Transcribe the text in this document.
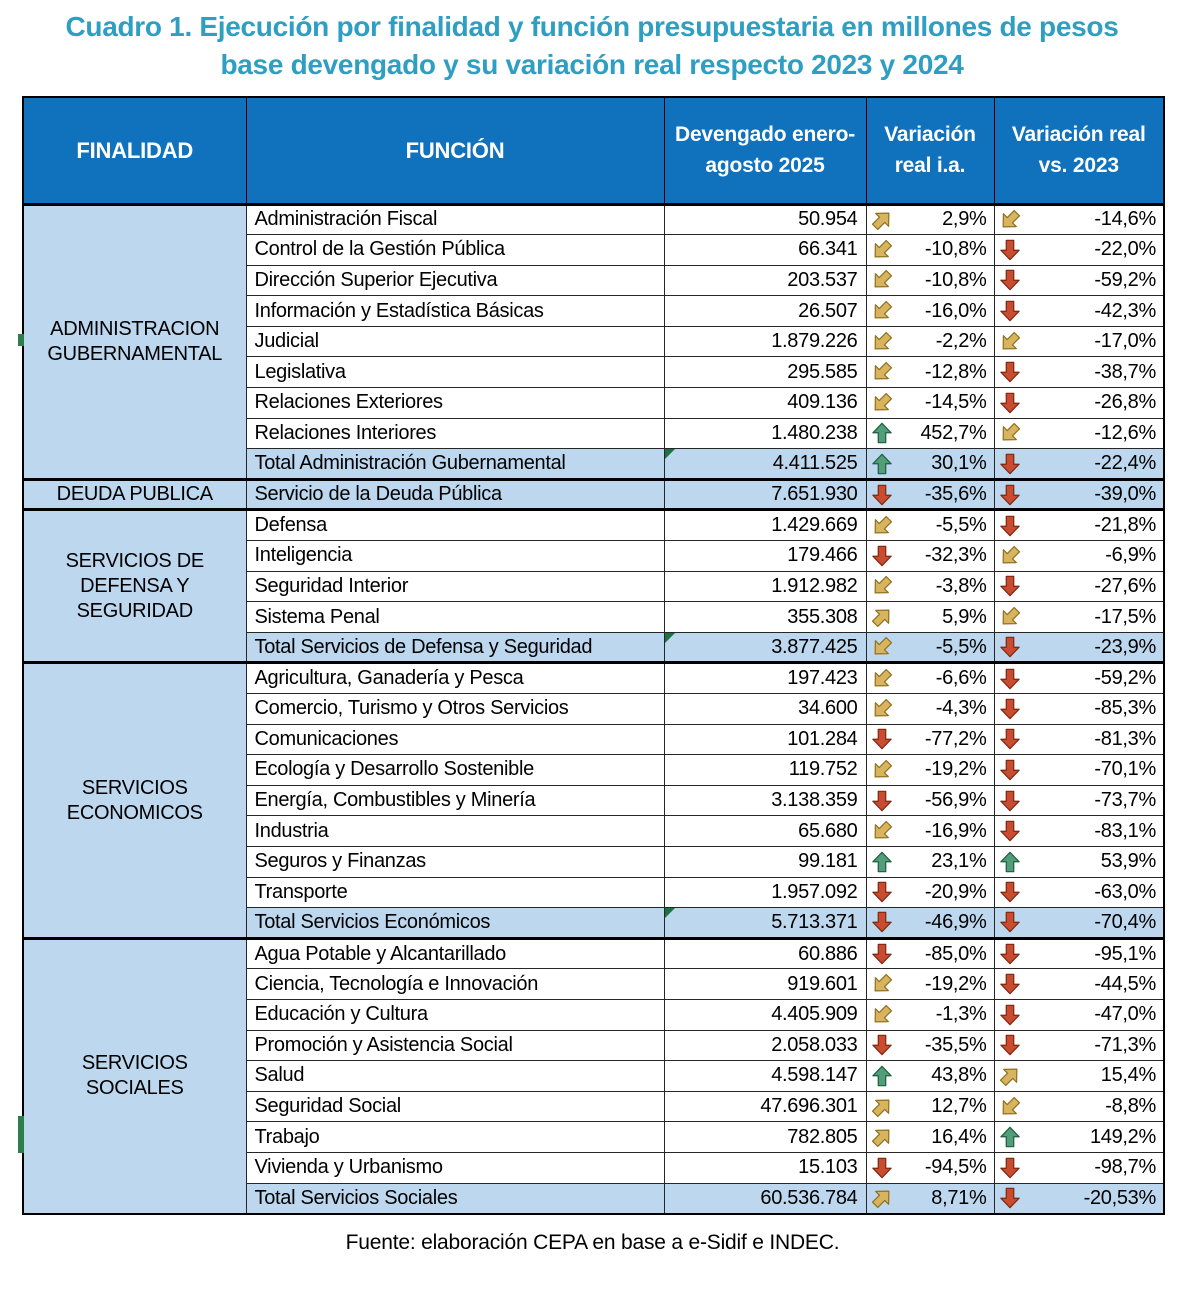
Cuadro 1. Ejecución por finalidad y función presupuestaria en millones de pesos
base devengado y su variación real respecto 2023 y 2024
FINALIDAD	FUNCIÓN	Devengado enero-agosto 2025	Variación real i.a.	Variación real vs. 2023
ADMINISTRACION
GUBERNAMENTAL	Administración Fiscal	50.954	2,9%	-14,6%

	Control de la Gestión Pública	66.341	-10,8%	-22,0%

	Dirección Superior Ejecutiva	203.537	-10,8%	-59,2%

	Información y Estadística Básicas	26.507	-16,0%	-42,3%

	Judicial	1.879.226	-2,2%	-17,0%

	Legislativa	295.585	-12,8%	-38,7%

	Relaciones Exteriores	409.136	-14,5%	-26,8%

	Relaciones Interiores	1.480.238	452,7%	-12,6%

	Total Administración Gubernamental	4.411.525	30,1%	-22,4%

DEUDA PUBLICA	Servicio de la Deuda Pública	7.651.930	-35,6%	-39,0%

SERVICIOS DE
DEFENSA Y
SEGURIDAD	Defensa	1.429.669	-5,5%	-21,8%

	Inteligencia	179.466	-32,3%	-6,9%

	Seguridad Interior	1.912.982	-3,8%	-27,6%

	Sistema Penal	355.308	5,9%	-17,5%

	Total Servicios de Defensa y Seguridad	3.877.425	-5,5%	-23,9%

SERVICIOS
ECONOMICOS	Agricultura, Ganadería y Pesca	197.423	-6,6%	-59,2%

	Comercio, Turismo y Otros Servicios	34.600	-4,3%	-85,3%

	Comunicaciones	101.284	-77,2%	-81,3%

	Ecología y Desarrollo Sostenible	119.752	-19,2%	-70,1%

	Energía, Combustibles y Minería	3.138.359	-56,9%	-73,7%

	Industria	65.680	-16,9%	-83,1%

	Seguros y Finanzas	99.181	23,1%	53,9%

	Transporte	1.957.092	-20,9%	-63,0%

	Total Servicios Económicos	5.713.371	-46,9%	-70,4%

SERVICIOS
SOCIALES	Agua Potable y Alcantarillado	60.886	-85,0%	-95,1%

	Ciencia, Tecnología e Innovación	919.601	-19,2%	-44,5%

	Educación y Cultura	4.405.909	-1,3%	-47,0%

	Promoción y Asistencia Social	2.058.033	-35,5%	-71,3%

	Salud	4.598.147	43,8%	15,4%

	Seguridad Social	47.696.301	12,7%	-8,8%

	Trabajo	782.805	16,4%	149,2%

	Vivienda y Urbanismo	15.103	-94,5%	-98,7%

	Total Servicios Sociales	60.536.784	8,71%	-20,53%
Fuente: elaboración CEPA en base a e-Sidif e INDEC.
